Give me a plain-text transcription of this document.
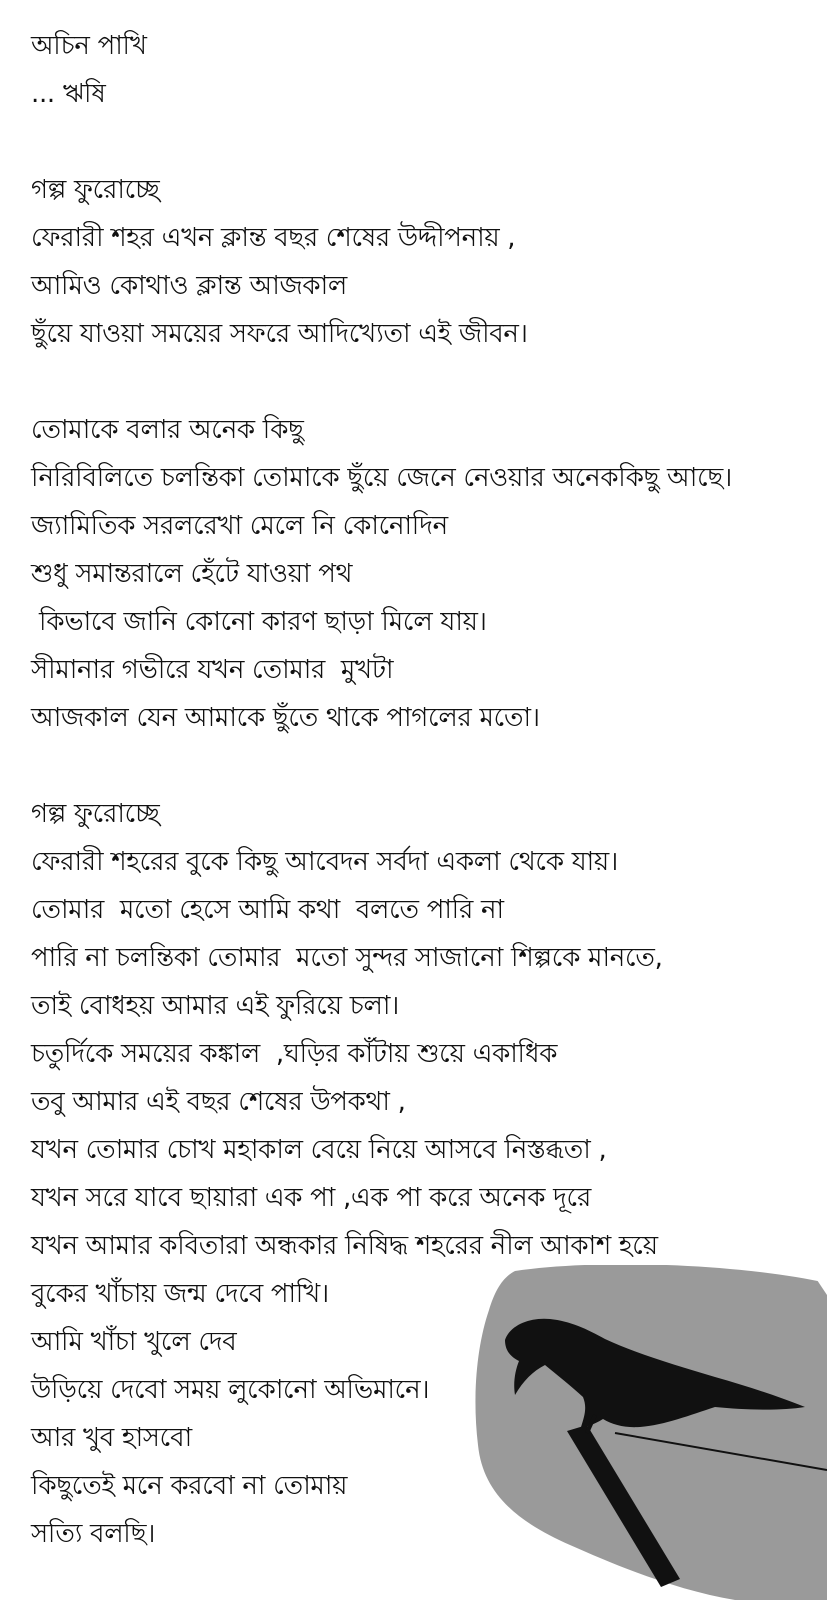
অচিন পাখি
... ঋষি
গল্প ফুরোচ্ছে
ফেরারী শহর এখন ক্লান্ত বছর শেষের উদ্দীপনায় ,
আমিও কোথাও ক্লান্ত আজকাল
ছুঁয়ে যাওয়া সময়ের সফরে আদিখ্যেতা এই জীবন।
তোমাকে বলার অনেক কিছু
নিরিবিলিতে চলন্তিকা তোমাকে ছুঁয়ে জেনে নেওয়ার অনেককিছু আছে।
জ্যামিতিক সরলরেখা মেলে নি কোনোদিন
শুধু সমান্তরালে হেঁটে যাওয়া পথ
কিভাবে জানি কোনো কারণ ছাড়া মিলে যায়।
সীমানার গভীরে যখন তোমার  মুখটা
আজকাল যেন আমাকে ছুঁতে থাকে পাগলের মতো।
গল্প ফুরোচ্ছে
ফেরারী শহরের বুকে কিছু আবেদন সর্বদা একলা থেকে যায়।
তোমার  মতো হেসে আমি কথা  বলতে পারি না
পারি না চলন্তিকা তোমার  মতো সুন্দর সাজানো শিল্পকে মানতে,
তাই বোধহয় আমার এই ফুরিয়ে চলা।
চতুর্দিকে সময়ের কঙ্কাল  ,ঘড়ির কাঁটায় শুয়ে একাধিক
তবু আমার এই বছর শেষের উপকথা ,
যখন তোমার চোখ মহাকাল বেয়ে নিয়ে আসবে নিস্তব্ধতা ,
যখন সরে যাবে ছায়ারা এক পা ,এক পা করে অনেক দূরে
যখন আমার কবিতারা অন্ধকার নিষিদ্ধ শহরের নীল আকাশ হয়ে
বুকের খাঁচায় জন্ম দেবে পাখি।
আমি খাঁচা খুলে দেব
উড়িয়ে দেবো সময় লুকোনো অভিমানে।
আর খুব হাসবো
কিছুতেই মনে করবো না তোমায়
সত্যি বলছি।
